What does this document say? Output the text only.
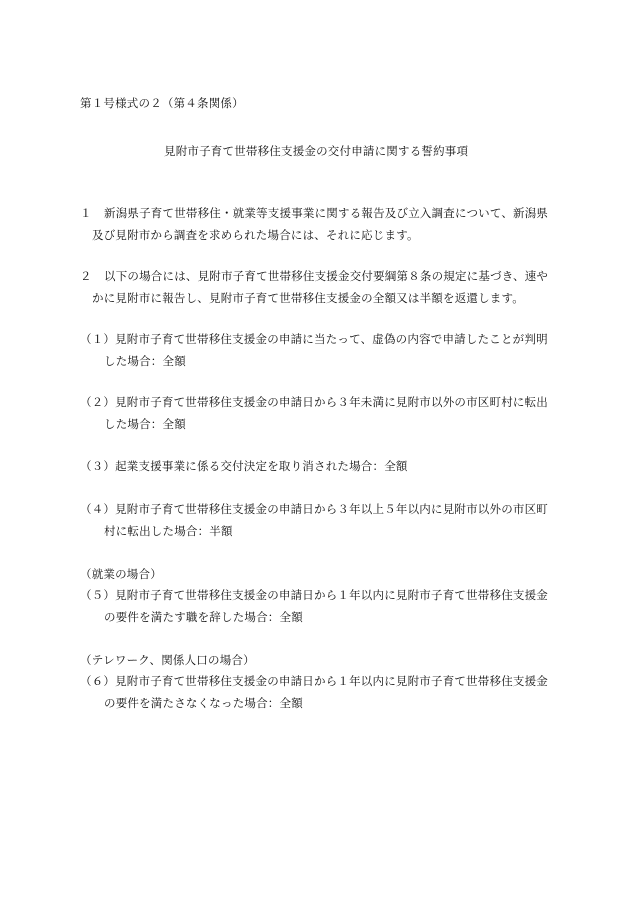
第１号様式の２（第４条関係）
見附市子育て世帯移住支援金の交付申請に関する誓約事項
１ 新潟県子育て世帯移住・就業等支援事業に関する報告及び立入調査について、新潟県
及び見附市から調査を求められた場合には、それに応じます。
２ 以下の場合には、見附市子育て世帯移住支援金交付要綱第８条の規定に基づき、速や
かに見附市に報告し、見附市子育て世帯移住支援金の全額又は半額を返還します。
（１）見附市子育て世帯移住支援金の申請に当たって、虚偽の内容で申請したことが判明
した場合：全額
（２）見附市子育て世帯移住支援金の申請日から３年未満に見附市以外の市区町村に転出
した場合：全額
（３）起業支援事業に係る交付決定を取り消された場合：全額
（４）見附市子育て世帯移住支援金の申請日から３年以上５年以内に見附市以外の市区町
村に転出した場合：半額
（就業の場合）
（５）見附市子育て世帯移住支援金の申請日から１年以内に見附市子育て世帯移住支援金
の要件を満たす職を辞した場合：全額
（テレワーク、関係人口の場合）
（６）見附市子育て世帯移住支援金の申請日から１年以内に見附市子育て世帯移住支援金
の要件を満たさなくなった場合：全額
